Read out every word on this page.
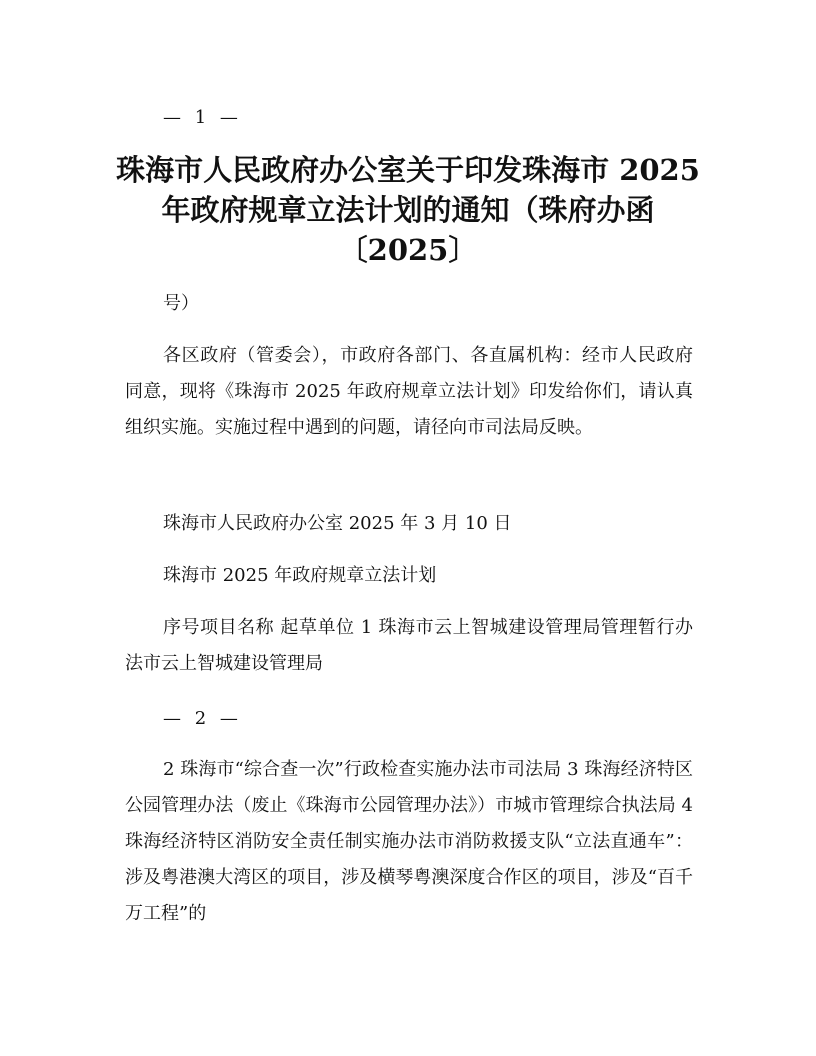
— 1 —
珠海市人民政府办公室关于印发珠海市 2025
年政府规章立法计划的通知（珠府办函
〔2025〕

号）

各区政府（管委会），市政府各部门、各直属机构：经市人民政府同意，现将《珠海市 2025 年政府规章立法计划》印发给你们，请认真组织实施。实施过程中遇到的问题，请径向市司法局反映。

珠海市人民政府办公室 2025 年 3 月 10 日

珠海市 2025 年政府规章立法计划

序号项目名称 起草单位 1 珠海市云上智城建设管理局管理暂行办法市云上智城建设管理局

— 2 —

2 珠海市“综合查一次”行政检查实施办法市司法局 3 珠海经济特区公园管理办法（废止《珠海市公园管理办法》）市城市管理综合执法局 4 珠海经济特区消防安全责任制实施办法市消防救援支队“立法直通车”：涉及粤港澳大湾区的项目，涉及横琴粤澳深度合作区的项目，涉及“百千万工程”的
